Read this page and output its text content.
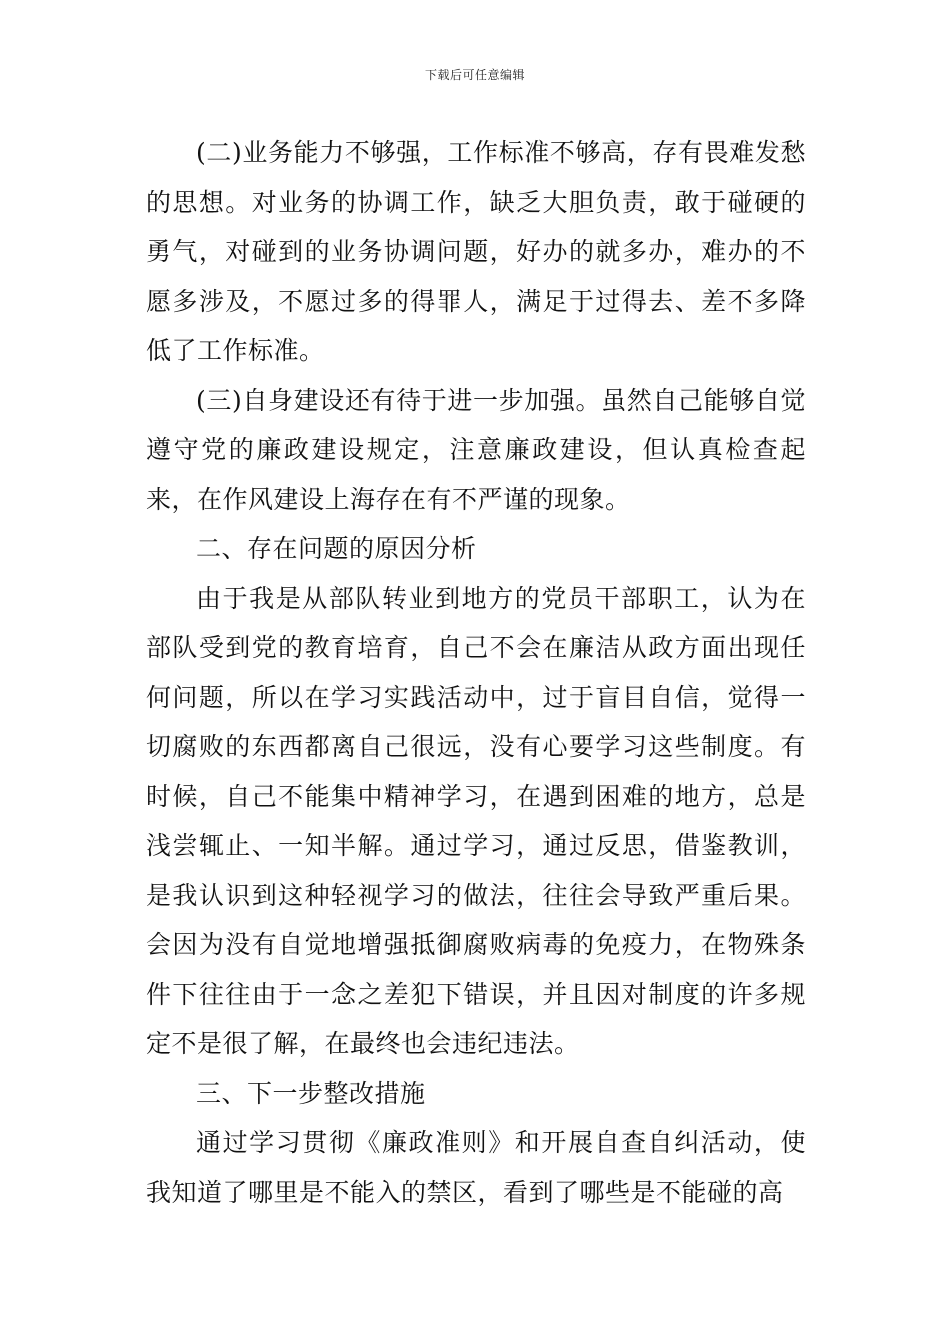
下载后可任意编辑

(二)业务能力不够强，工作标准不够高，存有畏难发愁的思想。对业务的协调工作，缺乏大胆负责，敢于碰硬的勇气，对碰到的业务协调问题，好办的就多办，难办的不愿多涉及，不愿过多的得罪人，满足于过得去、差不多降低了工作标准。

(三)自身建设还有待于进一步加强。虽然自己能够自觉遵守党的廉政建设规定，注意廉政建设，但认真检查起来，在作风建设上海存在有不严谨的现象。

二、存在问题的原因分析

由于我是从部队转业到地方的党员干部职工，认为在部队受到党的教育培育，自己不会在廉洁从政方面出现任何问题，所以在学习实践活动中，过于盲目自信，觉得一切腐败的东西都离自己很远，没有心要学习这些制度。有时候，自己不能集中精神学习，在遇到困难的地方，总是浅尝辄止、一知半解。通过学习，通过反思，借鉴教训，是我认识到这种轻视学习的做法，往往会导致严重后果。会因为没有自觉地增强抵御腐败病毒的免疫力，在物殊条件下往往由于一念之差犯下错误，并且因对制度的许多规定不是很了解，在最终也会违纪违法。

三、下一步整改措施

通过学习贯彻《廉政准则》和开展自查自纠活动，使我知道了哪里是不能入的禁区，看到了哪些是不能碰的高
